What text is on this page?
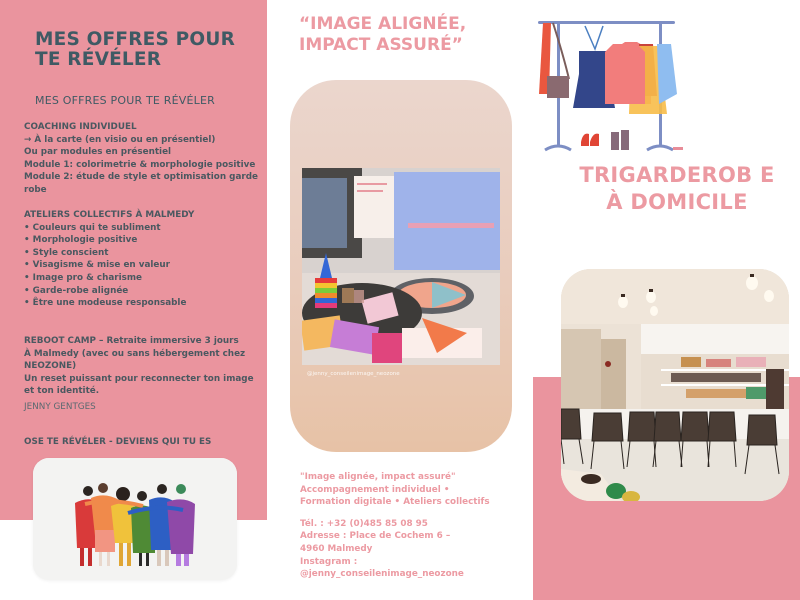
MES OFFRES POUR TE RÉVÉLER
MES OFFRES POUR TE RÉVÉLER
COACHING INDIVIDUEL
→ À la carte (en visio ou en présentiel)
Ou par modules en présentiel
Module 1: colorimetrie & morphologie positive
Module 2: étude de style et optimisation garde robe
ATELIERS COLLECTIFS À MALMEDY
• Couleurs qui te subliment
• Morphologie positive
• Style conscient
• Visagisme & mise en valeur
• Image pro & charisme
• Garde-robe alignée
• Être une modeuse responsable
REBOOT CAMP – Retraite immersive 3 jours
À Malmedy (avec ou sans hébergement chez NEOZONE)
Un reset puissant pour reconnecter ton image et ton identité.
JENNY GENTGES
OSE TE RÉVÉLER - DEVIENS QUI TU ES
“IMAGE ALIGNÉE, IMPACT ASSURÉ”
@jenny_conseilenimage_neozone
"Image alignée, impact assuré"
Accompagnement individuel • Formation digitale • Ateliers collectifs
Tél. : +32 (0)485 85 08 95
Adresse : Place de Cochem 6 – 4960 Malmedy
Instagram :
@jenny_conseilenimage_neozone
TRIGARDEROB E À DOMICILE
